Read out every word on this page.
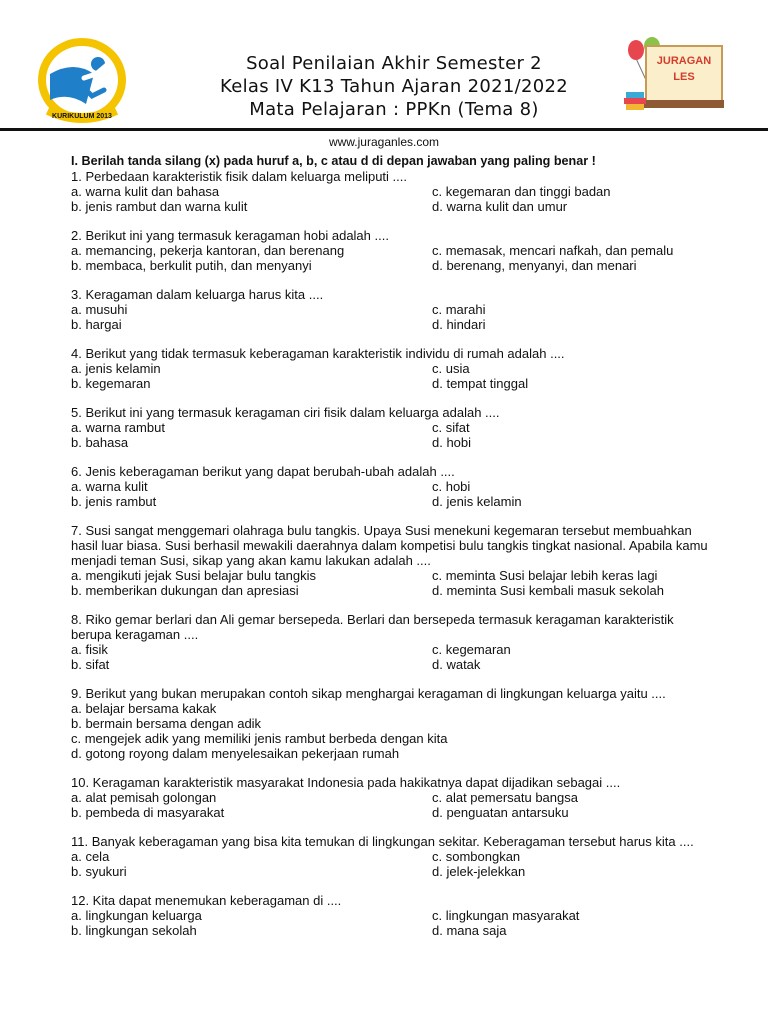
KURIKULUM 2013
JURAGAN
LES
Soal Penilaian Akhir Semester 2
Kelas IV K13 Tahun Ajaran 2021/2022
Mata Pelajaran : PPKn (Tema 8)
www.juraganles.com
I. Berilah tanda silang (x) pada huruf a, b, c atau d di depan jawaban yang paling benar !
1. Perbedaan karakteristik fisik dalam keluarga meliputi ....
a. warna kulit dan bahasa	c. kegemaran dan tinggi badan
b. jenis rambut dan warna kulit	d. warna kulit dan umur
2. Berikut ini yang termasuk keragaman hobi adalah ....
a. memancing, pekerja kantoran, dan berenang	c. memasak, mencari nafkah, dan pemalu
b. membaca, berkulit putih, dan menyanyi	d. berenang, menyanyi, dan menari
3. Keragaman dalam keluarga harus kita ....
a. musuhi	c. marahi
b. hargai	d. hindari
4. Berikut yang tidak termasuk keberagaman karakteristik individu di rumah adalah ....
a. jenis kelamin	c. usia
b. kegemaran	d. tempat tinggal
5. Berikut ini yang termasuk keragaman ciri fisik dalam keluarga adalah ....
a. warna rambut	c. sifat
b. bahasa	d. hobi
6. Jenis keberagaman berikut yang dapat berubah-ubah adalah ....
a. warna kulit	c. hobi
b. jenis rambut	d. jenis kelamin
7. Susi sangat menggemari olahraga bulu tangkis. Upaya Susi menekuni kegemaran tersebut membuahkan hasil luar biasa. Susi berhasil mewakili daerahnya dalam kompetisi bulu tangkis tingkat nasional. Apabila kamu menjadi teman Susi, sikap yang akan kamu lakukan adalah ....
a. mengikuti jejak Susi belajar bulu tangkis	c. meminta Susi belajar lebih keras lagi
b. memberikan dukungan dan apresiasi	d. meminta Susi kembali masuk sekolah
8. Riko gemar berlari dan Ali gemar bersepeda. Berlari dan bersepeda termasuk keragaman karakteristik berupa keragaman ....
a. fisik	c. kegemaran
b. sifat	d. watak
9. Berikut yang bukan merupakan contoh sikap menghargai keragaman di lingkungan keluarga yaitu ....
a. belajar bersama kakak
b. bermain bersama dengan adik
c. mengejek adik yang memiliki jenis rambut berbeda dengan kita
d. gotong royong dalam menyelesaikan pekerjaan rumah
10. Keragaman karakteristik masyarakat Indonesia pada hakikatnya dapat dijadikan sebagai ....
a. alat pemisah golongan	c. alat pemersatu bangsa
b. pembeda di masyarakat	d. penguatan antarsuku
11. Banyak keberagaman yang bisa kita temukan di lingkungan sekitar. Keberagaman tersebut harus kita ....
a. cela	c. sombongkan
b. syukuri	d. jelek-jelekkan
12. Kita dapat menemukan keberagaman di ....
a. lingkungan keluarga	c. lingkungan masyarakat
b. lingkungan sekolah	d. mana saja
